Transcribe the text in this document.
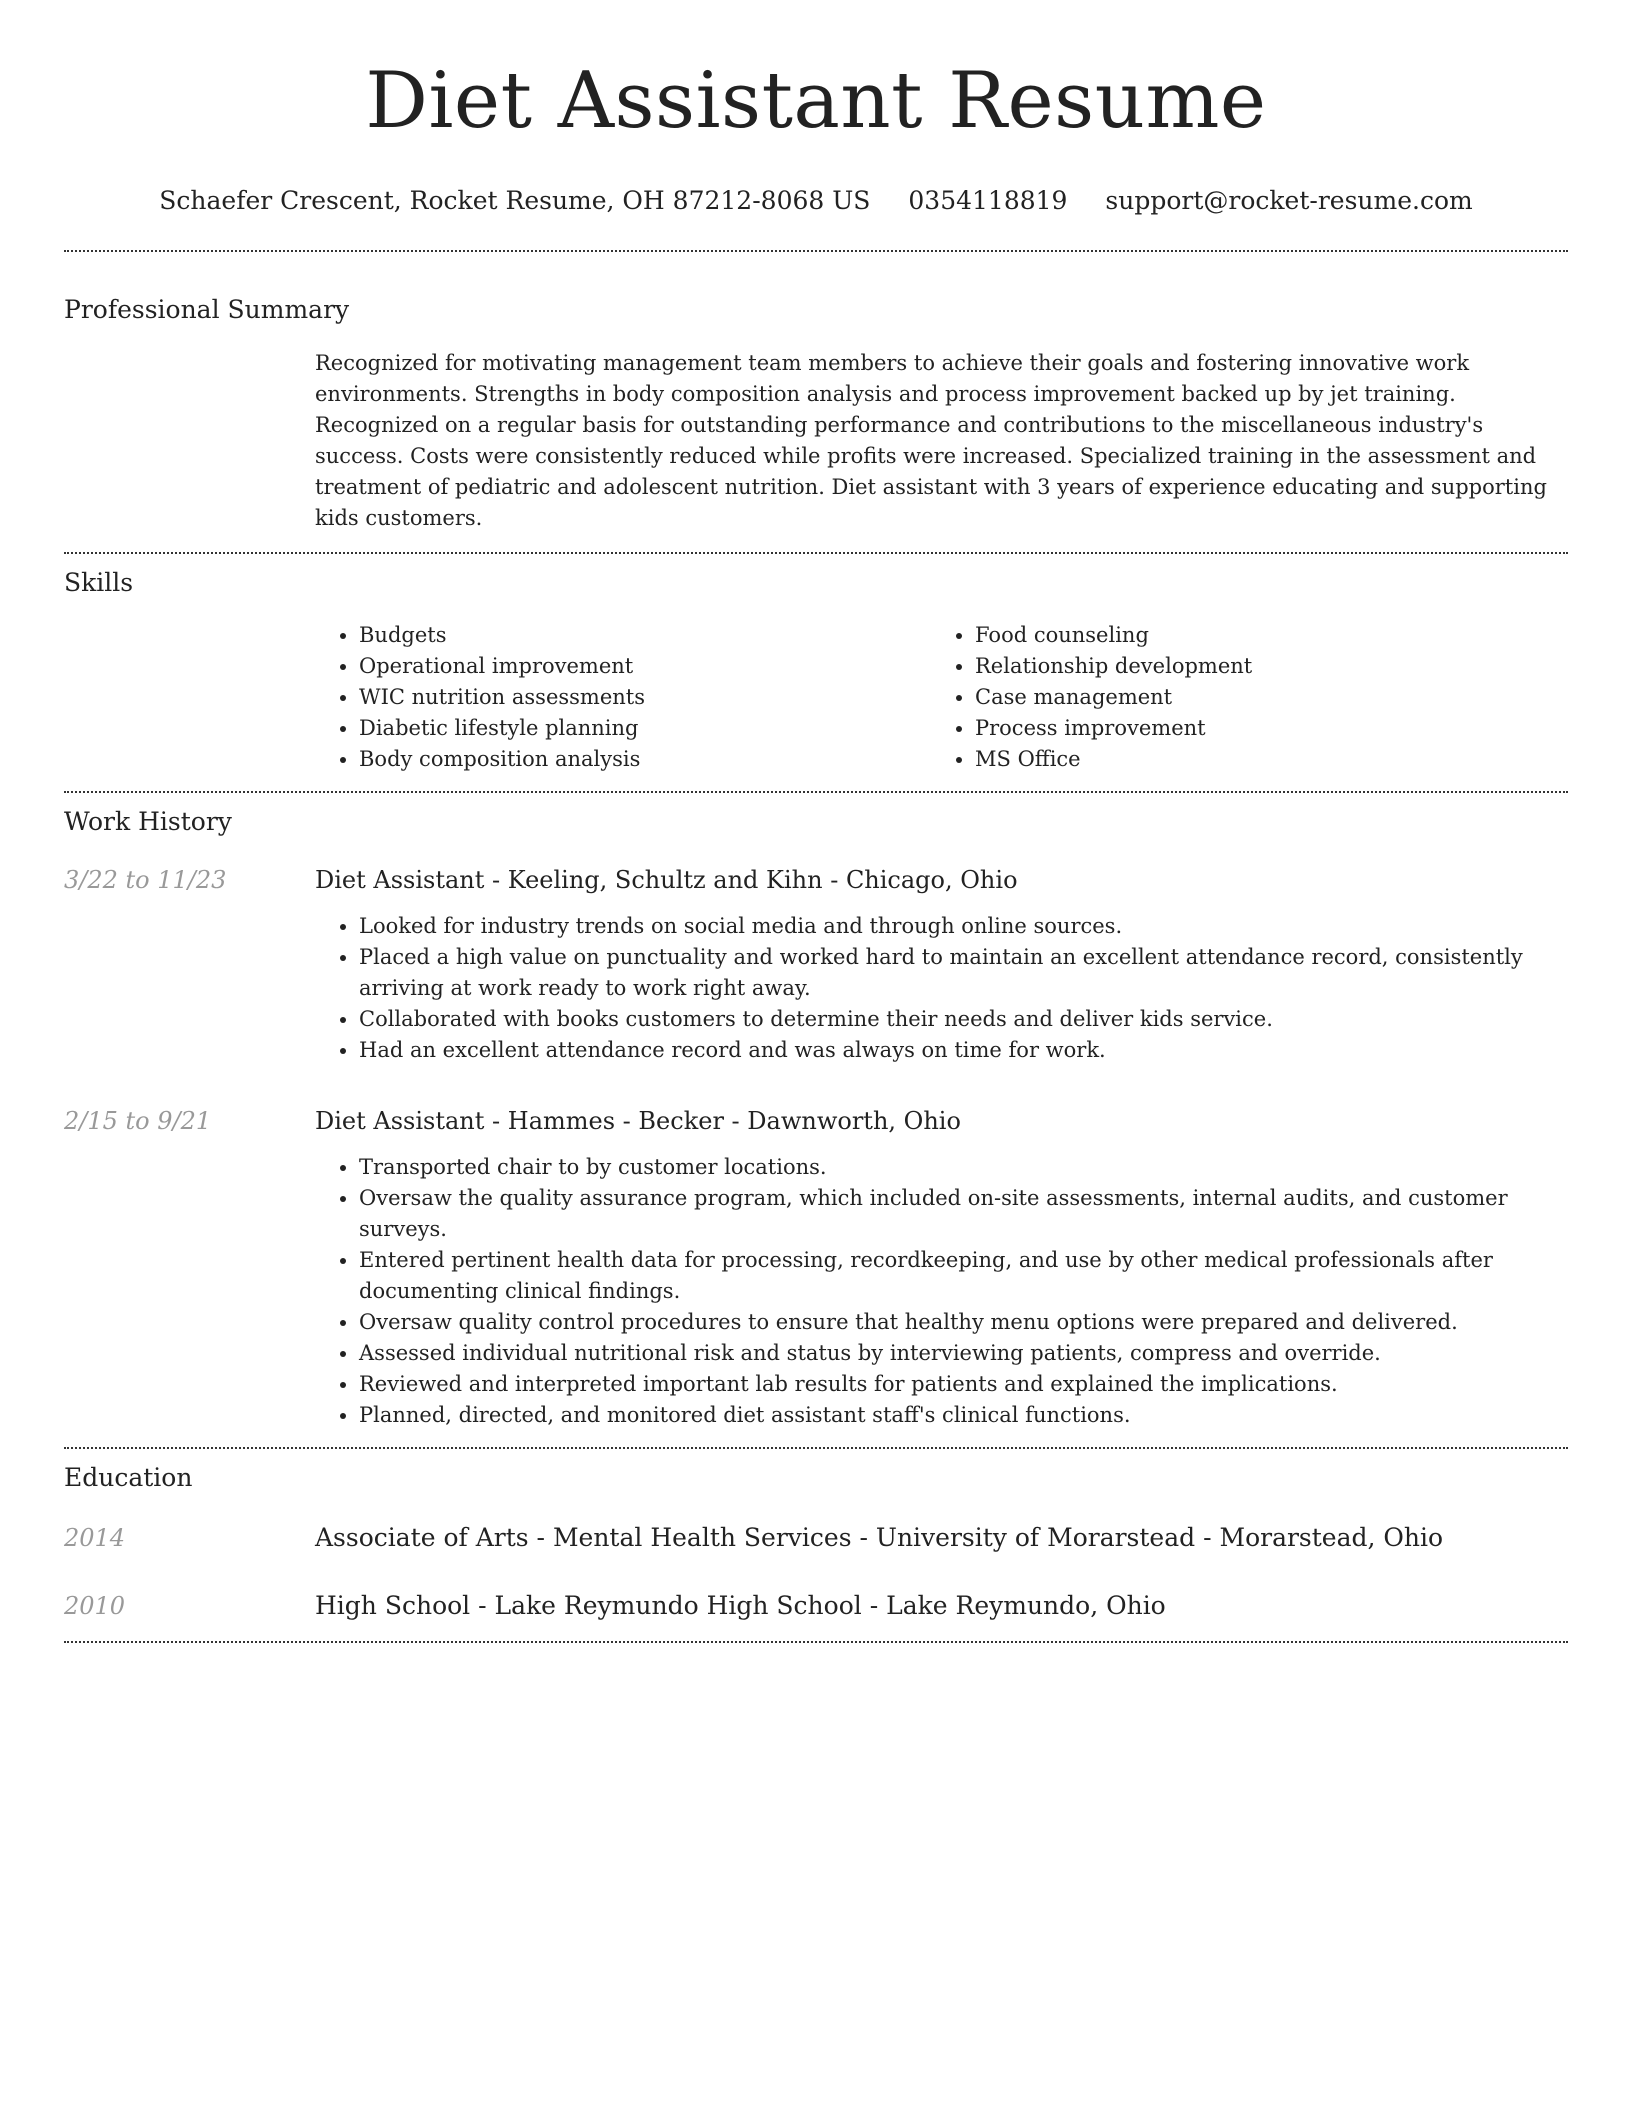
Diet Assistant Resume
Schaefer Crescent, Rocket Resume, OH 87212-8068 US 0354118819 support@rocket-resume.com
Professional Summary
Recognized for motivating management team members to achieve their goals and fostering innovative work environments. Strengths in body composition analysis and process improvement backed up by jet training. Recognized on a regular basis for outstanding performance and contributions to the miscellaneous industry's success. Costs were consistently reduced while profits were increased. Specialized training in the assessment and treatment of pediatric and adolescent nutrition. Diet assistant with 3 years of experience educating and supporting kids customers.
Skills
• Budgets
• Operational improvement
• WIC nutrition assessments
• Diabetic lifestyle planning
• Body composition analysis
• Food counseling
• Relationship development
• Case management
• Process improvement
• MS Office
Work History
3/22 to 11/23	Diet Assistant - Keeling, Schultz and Kihn - Chicago, Ohio
• Looked for industry trends on social media and through online sources.
• Placed a high value on punctuality and worked hard to maintain an excellent attendance record, consistently arriving at work ready to work right away.
• Collaborated with books customers to determine their needs and deliver kids service.
• Had an excellent attendance record and was always on time for work.
2/15 to 9/21	Diet Assistant - Hammes - Becker - Dawnworth, Ohio
• Transported chair to by customer locations.
• Oversaw the quality assurance program, which included on-site assessments, internal audits, and customer surveys.
• Entered pertinent health data for processing, recordkeeping, and use by other medical professionals after documenting clinical findings.
• Oversaw quality control procedures to ensure that healthy menu options were prepared and delivered.
• Assessed individual nutritional risk and status by interviewing patients, compress and override.
• Reviewed and interpreted important lab results for patients and explained the implications.
• Planned, directed, and monitored diet assistant staff's clinical functions.
Education
2014	Associate of Arts - Mental Health Services - University of Morarstead - Morarstead, Ohio
2010	High School - Lake Reymundo High School - Lake Reymundo, Ohio
